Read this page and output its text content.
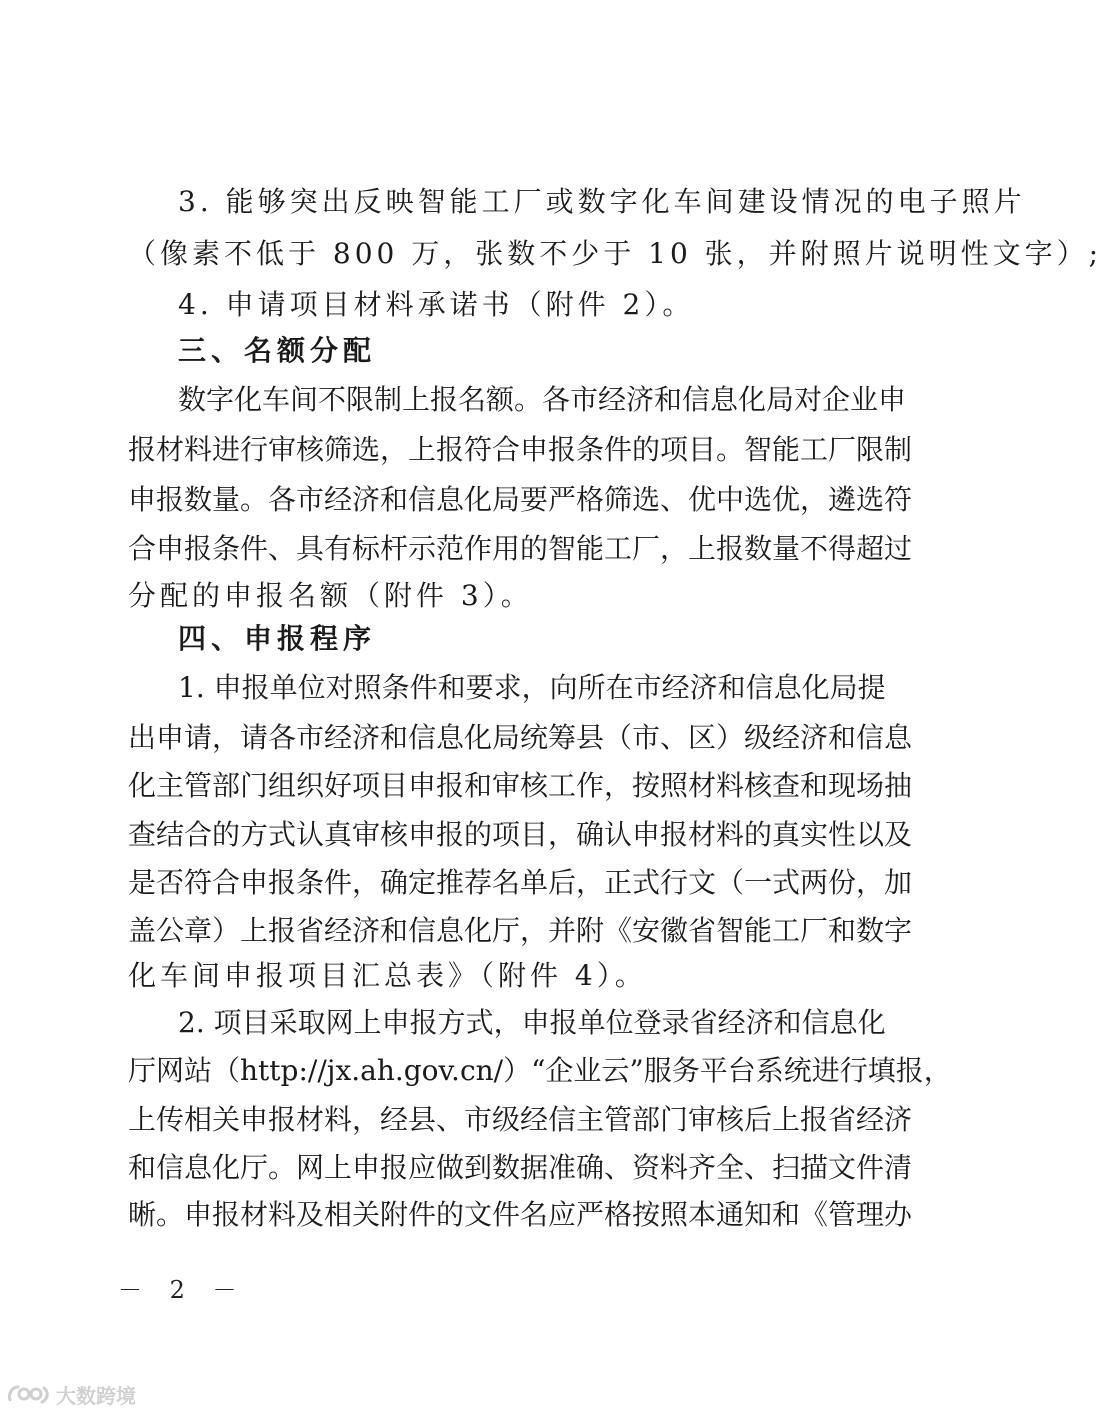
3. 能够突出反映智能工厂或数字化车间建设情况的电子照片
（像素不低于 800 万，张数不少于 10 张，并附照片说明性文字）;
4. 申请项目材料承诺书（附件 2）。
三、名额分配
数字化车间不限制上报名额。各市经济和信息化局对企业申
报材料进行审核筛选，上报符合申报条件的项目。智能工厂限制
申报数量。各市经济和信息化局要严格筛选、优中选优，遴选符
合申报条件、具有标杆示范作用的智能工厂，上报数量不得超过
分配的申报名额（附件 3）。
四、申报程序
1. 申报单位对照条件和要求，向所在市经济和信息化局提
出申请，请各市经济和信息化局统筹县（市、区）级经济和信息
化主管部门组织好项目申报和审核工作，按照材料核查和现场抽
查结合的方式认真审核申报的项目，确认申报材料的真实性以及
是否符合申报条件，确定推荐名单后，正式行文（一式两份，加
盖公章）上报省经济和信息化厅，并附《安徽省智能工厂和数字
化车间申报项目汇总表》（附件 4）。
2. 项目采取网上申报方式，申报单位登录省经济和信息化
厅网站（http://jx.ah.gov.cn/）“企业云”服务平台系统进行填报，
上传相关申报材料，经县、市级经信主管部门审核后上报省经济
和信息化厅。网上申报应做到数据准确、资料齐全、扫描文件清
晰。申报材料及相关附件的文件名应严格按照本通知和《管理办
－ 2 －
大数跨境
